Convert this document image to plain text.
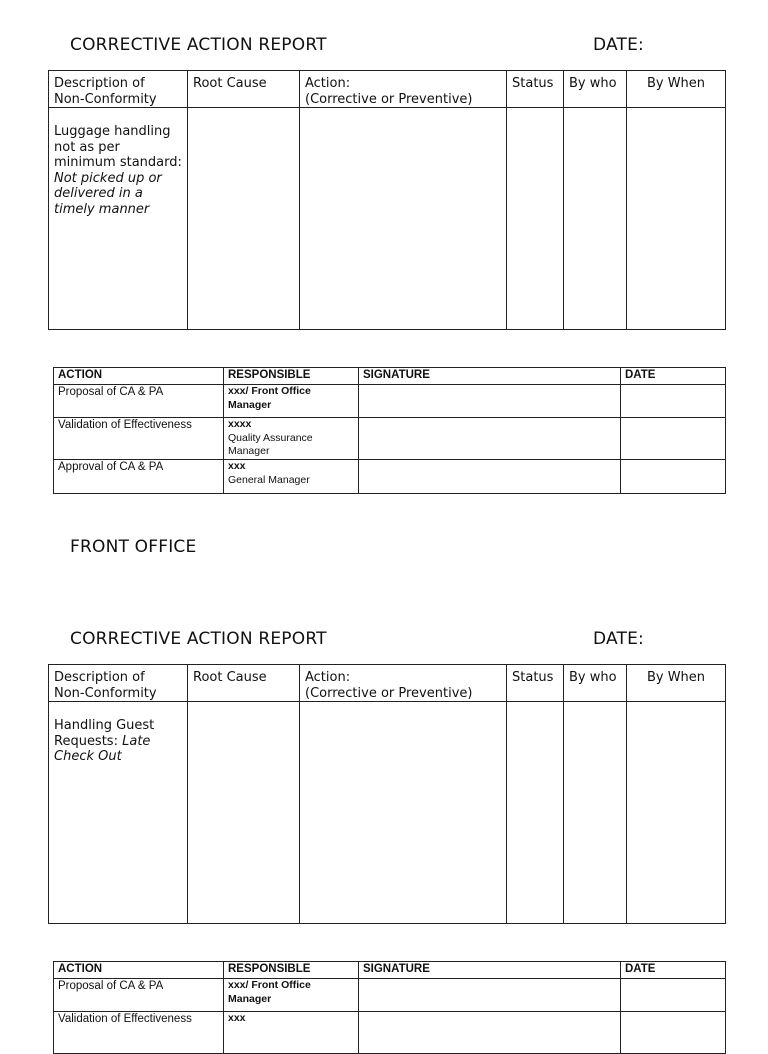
CORRECTIVE ACTION REPORT	DATE:
Description of
Non-Conformity	Root Cause	Action:
(Corrective or Preventive)	Status	By who	By When
Luggage handling not as per minimum standard: Not picked up or delivered in a timely manner					
ACTION	RESPONSIBLE	SIGNATURE	DATE
Proposal of CA & PA	xxx/ Front Office Manager		

Validation of Effectiveness	xxxx
Quality Assurance Manager		

Approval of CA & PA	xxx
General Manager		

FRONT OFFICE
CORRECTIVE ACTION REPORT	DATE:
Description of
Non-Conformity	Root Cause	Action:
(Corrective or Preventive)	Status	By who	By When
Handling Guest Requests: Late Check Out					
ACTION	RESPONSIBLE	SIGNATURE	DATE
Proposal of CA & PA	xxx/ Front Office Manager		

Validation of Effectiveness	xxx		
